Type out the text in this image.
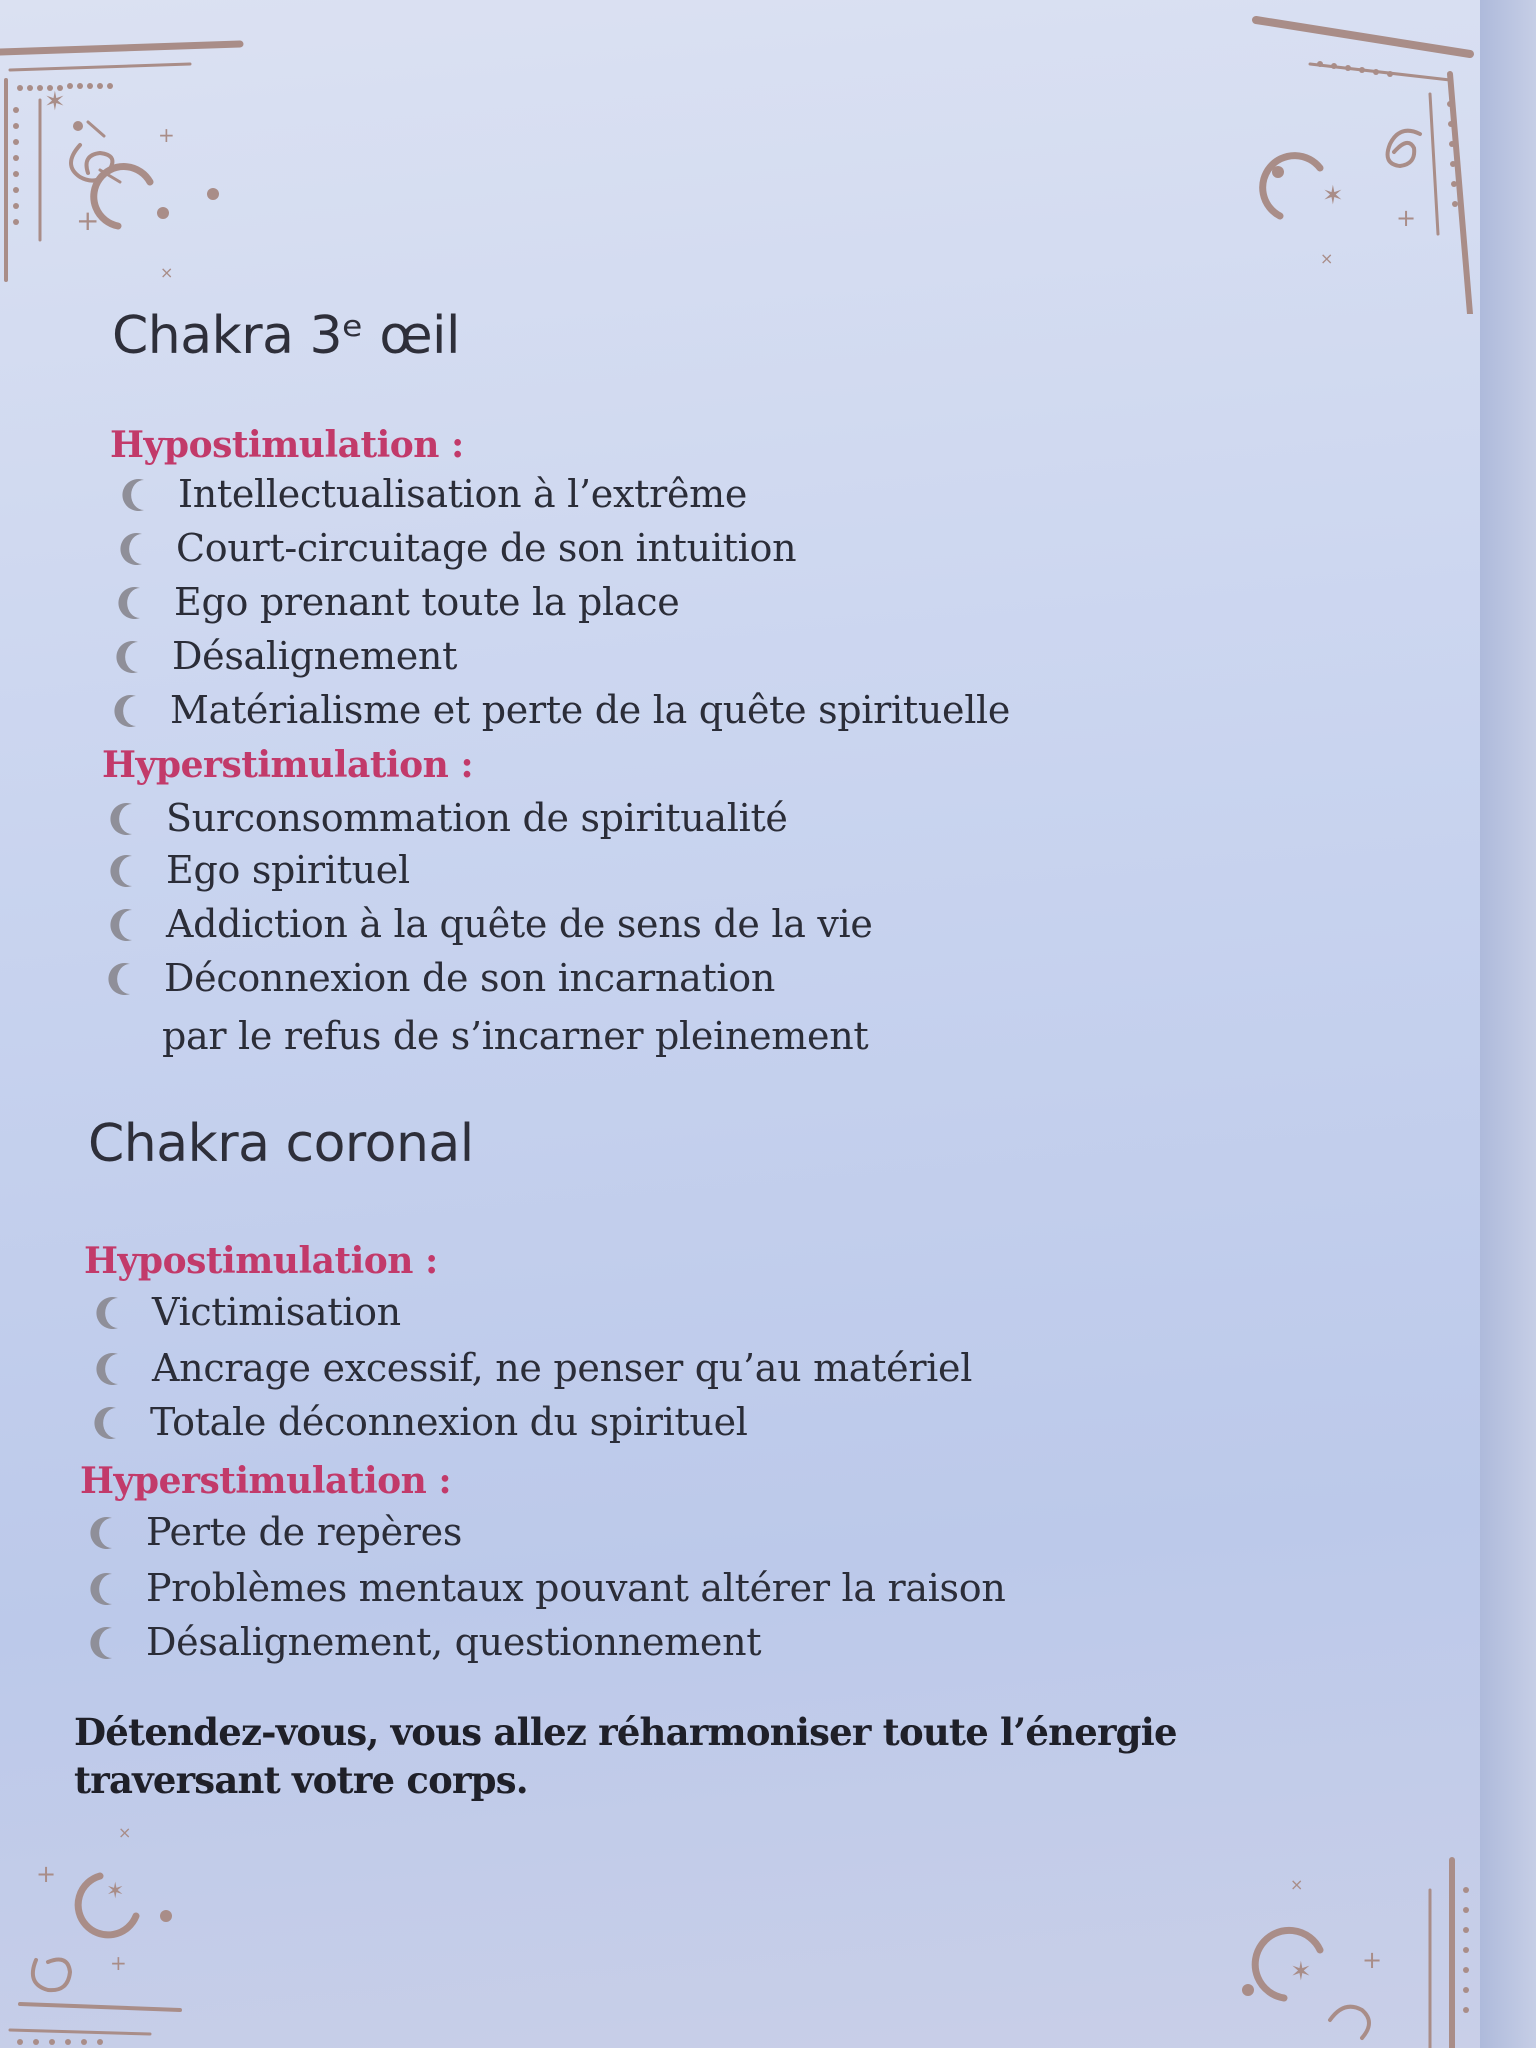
+
✶
+
×
✶
+
×
✶
+
+
×
✶ +
×
Chakra 3ᵉ œil

Hypostimulation :

Intellectualisation à l’extrême

Court-circuitage de son intuition

Ego prenant toute la place

Désalignement

Matérialisme et perte de la quête spirituelle

Hyperstimulation :

Surconsommation de spiritualité

Ego spirituel

Addiction à la quête de sens de la vie

Déconnexion de son incarnation

par le refus de s’incarner pleinement

Chakra coronal

Hypostimulation :

Victimisation

Ancrage excessif, ne penser qu’au matériel

Totale déconnexion du spirituel

Hyperstimulation :

Perte de repères

Problèmes mentaux pouvant altérer la raison

Désalignement, questionnement

Détendez-vous, vous allez réharmoniser toute l’énergie traversant votre corps.
